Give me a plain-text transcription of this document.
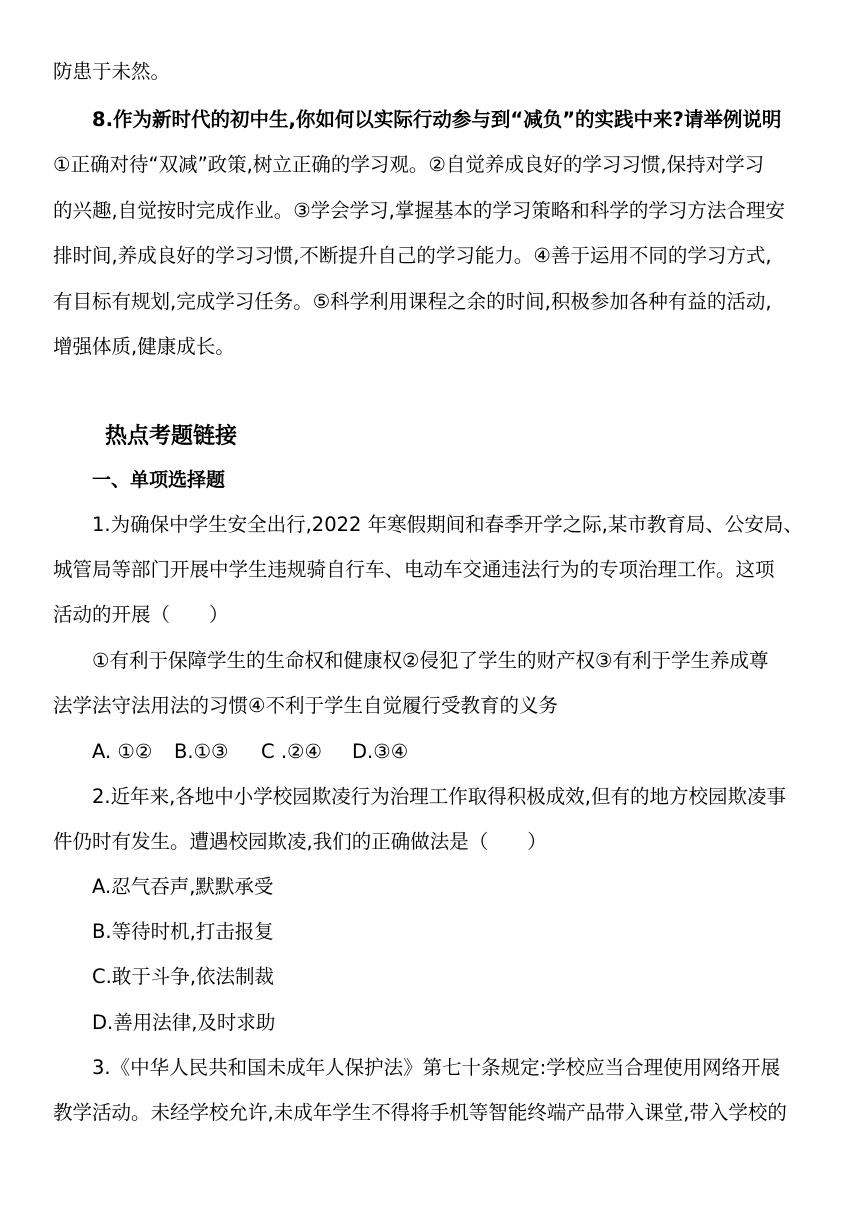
防患于未然。
8.作为新时代的初中生,你如何以实际行动参与到“减负”的实践中来?请举例说明
①正确对待“双减”政策,树立正确的学习观。②自觉养成良好的学习习惯,保持对学习
的兴趣,自觉按时完成作业。③学会学习,掌握基本的学习策略和科学的学习方法合理安
排时间,养成良好的学习习惯,不断提升自己的学习能力。④善于运用不同的学习方式,
有目标有规划,完成学习任务。⑤科学利用课程之余的时间,积极参加各种有益的活动,
增强体质,健康成长。
热点考题链接
一、单项选择题
1.为确保中学生安全出行,2022 年寒假期间和春季开学之际,某市教育局、公安局、
城管局等部门开展中学生违规骑自行车、电动车交通违法行为的专项治理工作。这项
活动的开展（　　）
①有利于保障学生的生命权和健康权②侵犯了学生的财产权③有利于学生养成尊
法学法守法用法的习惯④不利于学生自觉履行受教育的义务
A. ①② B.①③ C .②④ D.③④
2.近年来,各地中小学校园欺凌行为治理工作取得积极成效,但有的地方校园欺凌事
件仍时有发生。遭遇校园欺凌,我们的正确做法是（　　）
A.忍气吞声,默默承受
B.等待时机,打击报复
C.敢于斗争,依法制裁
D.善用法律,及时求助
3.《中华人民共和国未成年人保护法》第七十条规定:学校应当合理使用网络开展
教学活动。未经学校允许,未成年学生不得将手机等智能终端产品带入课堂,带入学校的
